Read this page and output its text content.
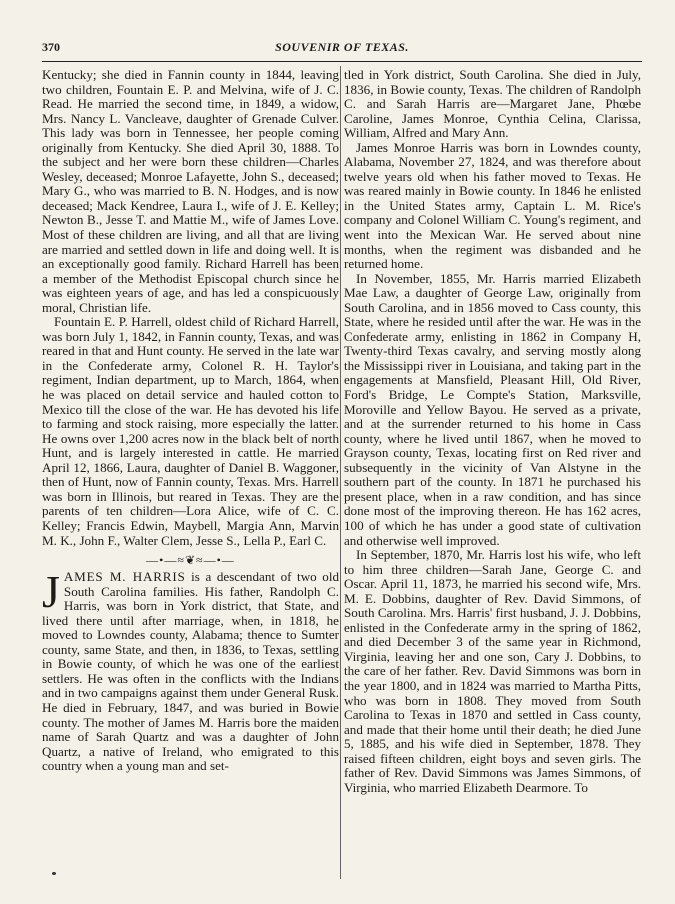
370	SOUVENIR OF TEXAS.

Kentucky; she died in Fannin county in 1844, leaving two children, Fountain E. P. and Melvina, wife of J. C. Read. He married the second time, in 1849, a widow, Mrs. Nancy L. Vancleave, daughter of Grenade Culver. This lady was born in Tennessee, her people coming originally from Kentucky. She died April 30, 1888. To the subject and her were born these children—Charles Wesley, deceased; Monroe Lafayette, John S., deceased; Mary G., who was married to B. N. Hodges, and is now deceased; Mack Kendree, Laura I., wife of J. E. Kelley; Newton B., Jesse T. and Mattie M., wife of James Love. Most of these children are living, and all that are living are married and settled down in life and doing well. It is an exceptionally good family. Richard Harrell has been a member of the Methodist Episcopal church since he was eighteen years of age, and has led a conspicuously moral, Christian life.

Fountain E. P. Harrell, oldest child of Richard Harrell, was born July 1, 1842, in Fannin county, Texas, and was reared in that and Hunt county. He served in the late war in the Confederate army, Colonel R. H. Taylor's regiment, Indian department, up to March, 1864, when he was placed on detail service and hauled cotton to Mexico till the close of the war. He has devoted his life to farming and stock raising, more especially the latter. He owns over 1,200 acres now in the black belt of north Hunt, and is largely interested in cattle. He married April 12, 1866, Laura, daughter of Daniel B. Waggoner, then of Hunt, now of Fannin county, Texas. Mrs. Harrell was born in Illinois, but reared in Texas. They are the parents of ten children—Lora Alice, wife of C. C. Kelley; Francis Edwin, Maybell, Margia Ann, Marvin M. K., John F., Walter Clem, Jesse S., Lella P., Earl C.

—•—≈❦≈—•—

JAMES M. HARRIS is a descendant of two old South Carolina families. His father, Randolph C. Harris, was born in York district, that State, and lived there until after marriage, when, in 1818, he moved to Lowndes county, Alabama; thence to Sumter county, same State, and then, in 1836, to Texas, settling in Bowie county, of which he was one of the earliest settlers. He was often in the conflicts with the Indians and in two campaigns against them under General Rusk. He died in February, 1847, and was buried in Bowie county. The mother of James M. Harris bore the maiden name of Sarah Quartz and was a daughter of John Quartz, a native of Ireland, who emigrated to this country when a young man and set-

tled in York district, South Carolina. She died in July, 1836, in Bowie county, Texas. The children of Randolph C. and Sarah Harris are—Margaret Jane, Phœbe Caroline, James Monroe, Cynthia Celina, Clarissa, William, Alfred and Mary Ann.

James Monroe Harris was born in Lowndes county, Alabama, November 27, 1824, and was therefore about twelve years old when his father moved to Texas. He was reared mainly in Bowie county. In 1846 he enlisted in the United States army, Captain L. M. Rice's company and Colonel William C. Young's regiment, and went into the Mexican War. He served about nine months, when the regiment was disbanded and he returned home.

In November, 1855, Mr. Harris married Elizabeth Mae Law, a daughter of George Law, originally from South Carolina, and in 1856 moved to Cass county, this State, where he resided until after the war. He was in the Confederate army, enlisting in 1862 in Company H, Twenty-third Texas cavalry, and serving mostly along the Mississippi river in Louisiana, and taking part in the engagements at Mansfield, Pleasant Hill, Old River, Ford's Bridge, Le Compte's Station, Marksville, Moroville and Yellow Bayou. He served as a private, and at the surrender returned to his home in Cass county, where he lived until 1867, when he moved to Grayson county, Texas, locating first on Red river and subsequently in the vicinity of Van Alstyne in the southern part of the county. In 1871 he purchased his present place, when in a raw condition, and has since done most of the improving thereon. He has 162 acres, 100 of which he has under a good state of cultivation and otherwise well improved.

In September, 1870, Mr. Harris lost his wife, who left to him three children—Sarah Jane, George C. and Oscar. April 11, 1873, he married his second wife, Mrs. M. E. Dobbins, daughter of Rev. David Simmons, of South Carolina. Mrs. Harris' first husband, J. J. Dobbins, enlisted in the Confederate army in the spring of 1862, and died December 3 of the same year in Richmond, Virginia, leaving her and one son, Cary J. Dobbins, to the care of her father. Rev. David Simmons was born in the year 1800, and in 1824 was married to Martha Pitts, who was born in 1808. They moved from South Carolina to Texas in 1870 and settled in Cass county, and made that their home until their death; he died June 5, 1885, and his wife died in September, 1878. They raised fifteen children, eight boys and seven girls. The father of Rev. David Simmons was James Simmons, of Virginia, who married Elizabeth Dearmore. To
